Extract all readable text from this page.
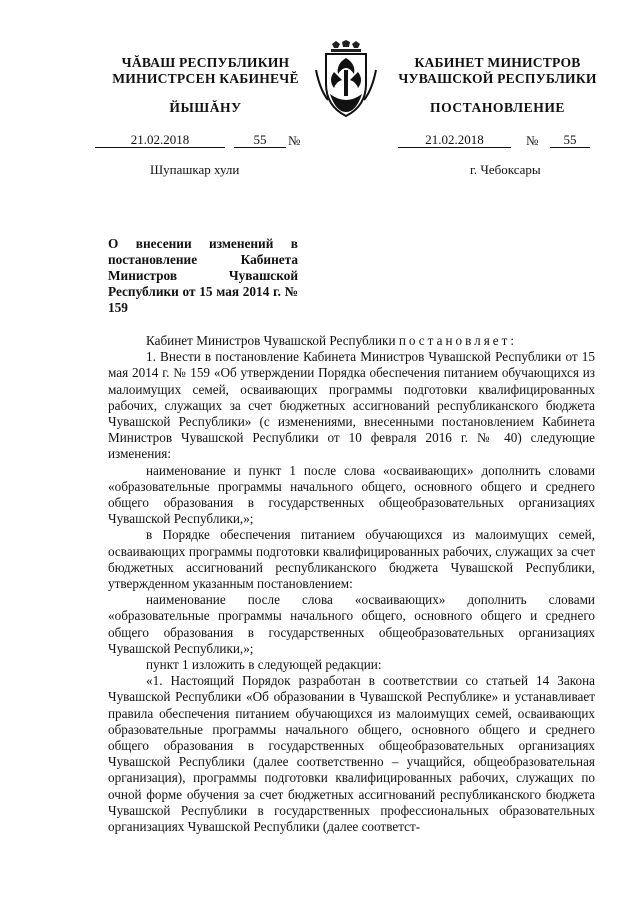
ЧĂВАШ РЕСПУБЛИКИН
МИНИСТРСЕН КАБИНЕЧĔ
КАБИНЕТ МИНИСТРОВ
ЧУВАШСКОЙ РЕСПУБЛИКИ
ЙЫШĂНУ	ПОСТАНОВЛЕНИЕ
21.02.2018	55	№	21.02.2018	№	55
Шупашкар хули	г. Чебоксары
О внесении изменений в постановление Кабинета Министров Чувашской Республики от 15 мая 2014 г. № 159

Кабинет Министров Чувашской Республики постановляет:

1. Внести в постановление Кабинета Министров Чувашской Республики от 15 мая 2014 г. № 159 «Об утверждении Порядка обеспечения питанием обучающихся из малоимущих семей, осваивающих программы подготовки квалифицированных рабочих, служащих за счет бюджетных ассигнований республиканского бюджета Чувашской Республики» (с изменениями, внесенными постановлением Кабинета Министров Чувашской Республики от 10 февраля 2016 г. № 40) следующие изменения:

наименование и пункт 1 после слова «осваивающих» дополнить словами «образовательные программы начального общего, основного общего и среднего общего образования в государственных общеобразовательных организациях Чувашской Республики,»;

в Порядке обеспечения питанием обучающихся из малоимущих семей, осваивающих программы подготовки квалифицированных рабочих, служащих за счет бюджетных ассигнований республиканского бюджета Чувашской Республики, утвержденном указанным постановлением:

наименование после слова «осваивающих» дополнить словами «образовательные программы начального общего, основного общего и среднего общего образования в государственных общеобразовательных организациях Чувашской Республики,»;

пункт 1 изложить в следующей редакции:

«1. Настоящий Порядок разработан в соответствии со статьей 14 Закона Чувашской Республики «Об образовании в Чувашской Республике» и устанавливает правила обеспечения питанием обучающихся из малоимущих семей, осваивающих образовательные программы начального общего, основного общего и среднего общего образования в государственных общеобразовательных организациях Чувашской Республики (далее соответственно – учащийся, общеобразовательная организация), программы подготовки квалифицированных рабочих, служащих по очной форме обучения за счет бюджетных ассигнований республиканского бюджета Чувашской Республики в государственных профессиональных образовательных организациях Чувашской Республики (далее соответст-
